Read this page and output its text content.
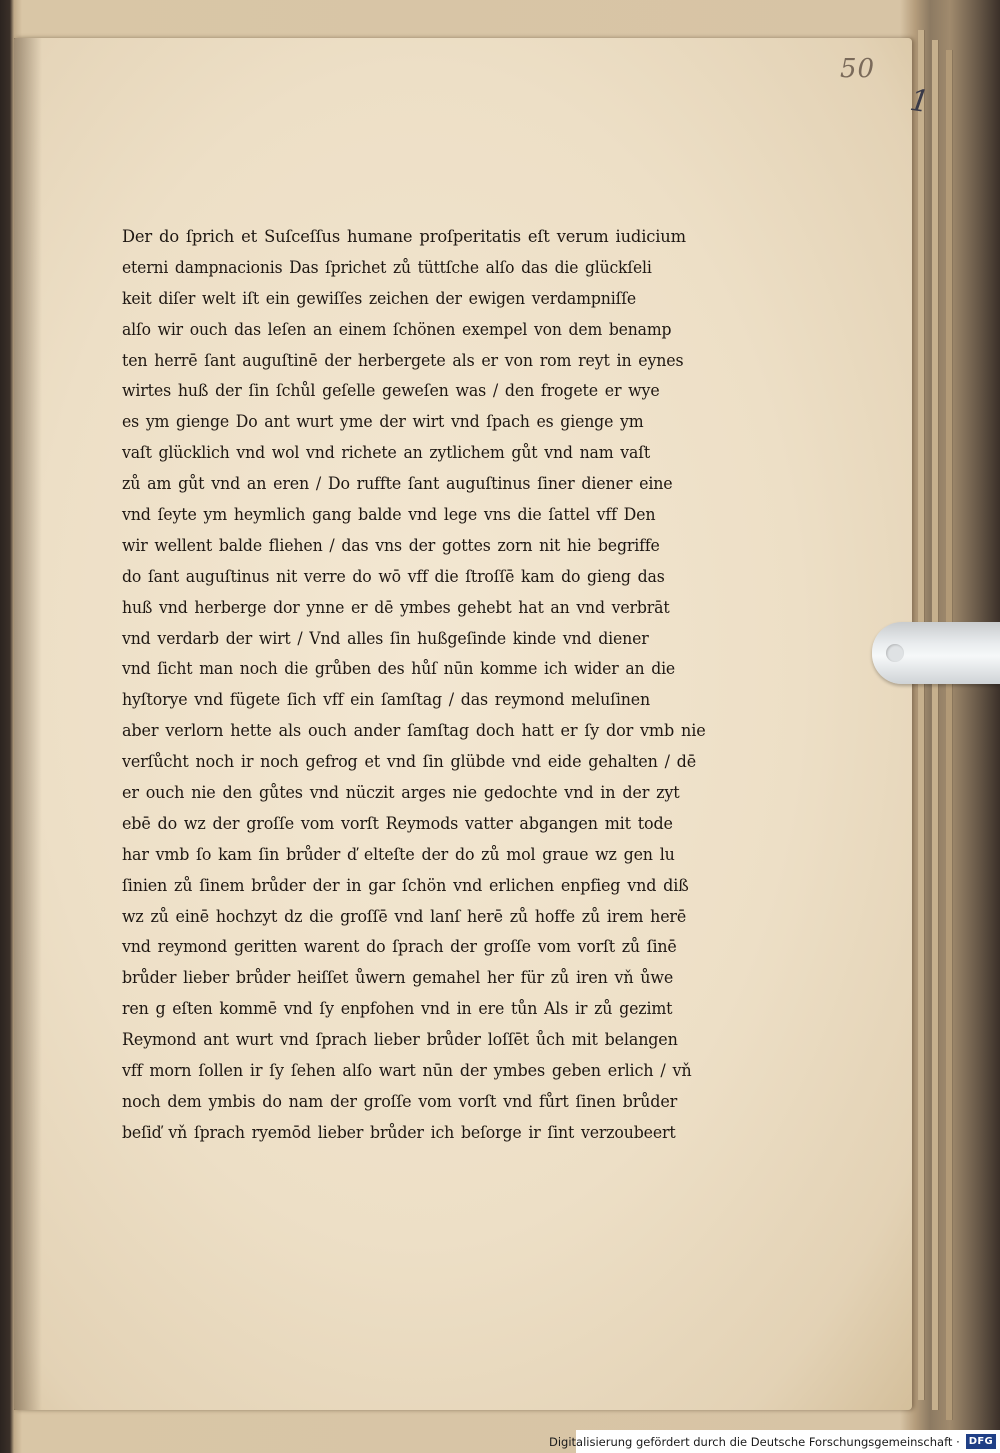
50
Der do ſprich et Suſceſſus humane proſperitatis eſt verum iudicium
eterni dampnacionis Das ſprichet zů tüttſche alſo das die glückſeli
keit diſer welt iſt ein gewiſſes zeichen der ewigen verdampniſſe
alſo wir ouch das leſen an einem ſchönen exempel von dem benamp
ten herrē ſant auguſtinē der herbergete als er von rom reyt in eynes
wirtes huß der ſin ſchůl geſelle geweſen was / den frogete er wye
es ym gienge Do ant wurt yme der wirt vnd ſpach es gienge ym
vaſt glücklich vnd wol vnd richete an zytlichem gůt vnd nam vaſt
zů am gůt vnd an eren / Do ruffte ſant auguſtinus ſiner diener eine
vnd ſeyte ym heymlich gang balde vnd lege vns die ſattel vff Den
wir wellent balde fliehen / das vns der gottes zorn nit hie begriffe
do ſant auguſtinus nit verre do wō vff die ſtroſſē kam do gieng das
huß vnd herberge dor ynne er dē ymbes gehebt hat an vnd verbrāt
vnd verdarb der wirt / Vnd alles ſin hußgeſinde kinde vnd diener
vnd ſicht man noch die grůben des hůſ nūn komme ich wider an die
hyſtorye vnd fügete ſich vff ein ſamſtag / das reymond meluſinen
aber verlorn hette als ouch ander ſamſtag doch hatt er ſy dor vmb nie
verſůcht noch ir noch gefrog et vnd ſin glübde vnd eide gehalten / dē
er ouch nie den gůtes vnd nüczit arges nie gedochte vnd in der zyt
ebē do wz der groſſe vom vorſt Reymods vatter abgangen mit tode
har vmb ſo kam ſin brůder ď elteſte der do zů mol graue wz gen lu
ſinien zů ſinem brůder der in gar ſchön vnd erlichen enpfieg vnd diß
wz zů einē hochzyt dz die groſſē vnd lanſ herē zů hoffe zů irem herē
vnd reymond geritten warent do ſprach der groſſe vom vorſt zů ſinē
brůder lieber brůder heiſſet ůwern gemahel her für zů iren vň ůwe
ren g eſten kommē vnd ſy enpfohen vnd in ere tůn Als ir zů gezimt
Reymond ant wurt vnd ſprach lieber brůder loſſēt ůch mit belangen
vff morn ſollen ir ſy ſehen alſo wart nūn der ymbes geben erlich / vň
noch dem ymbis do nam der groſſe vom vorſt vnd fůrt ſinen brůder
beſiď vň ſprach ryemōd lieber brůder ich beſorge ir ſint verzoubeert
1
Digitalisierung gefördert durch die Deutsche Forschungsgemeinschaft · DFG
